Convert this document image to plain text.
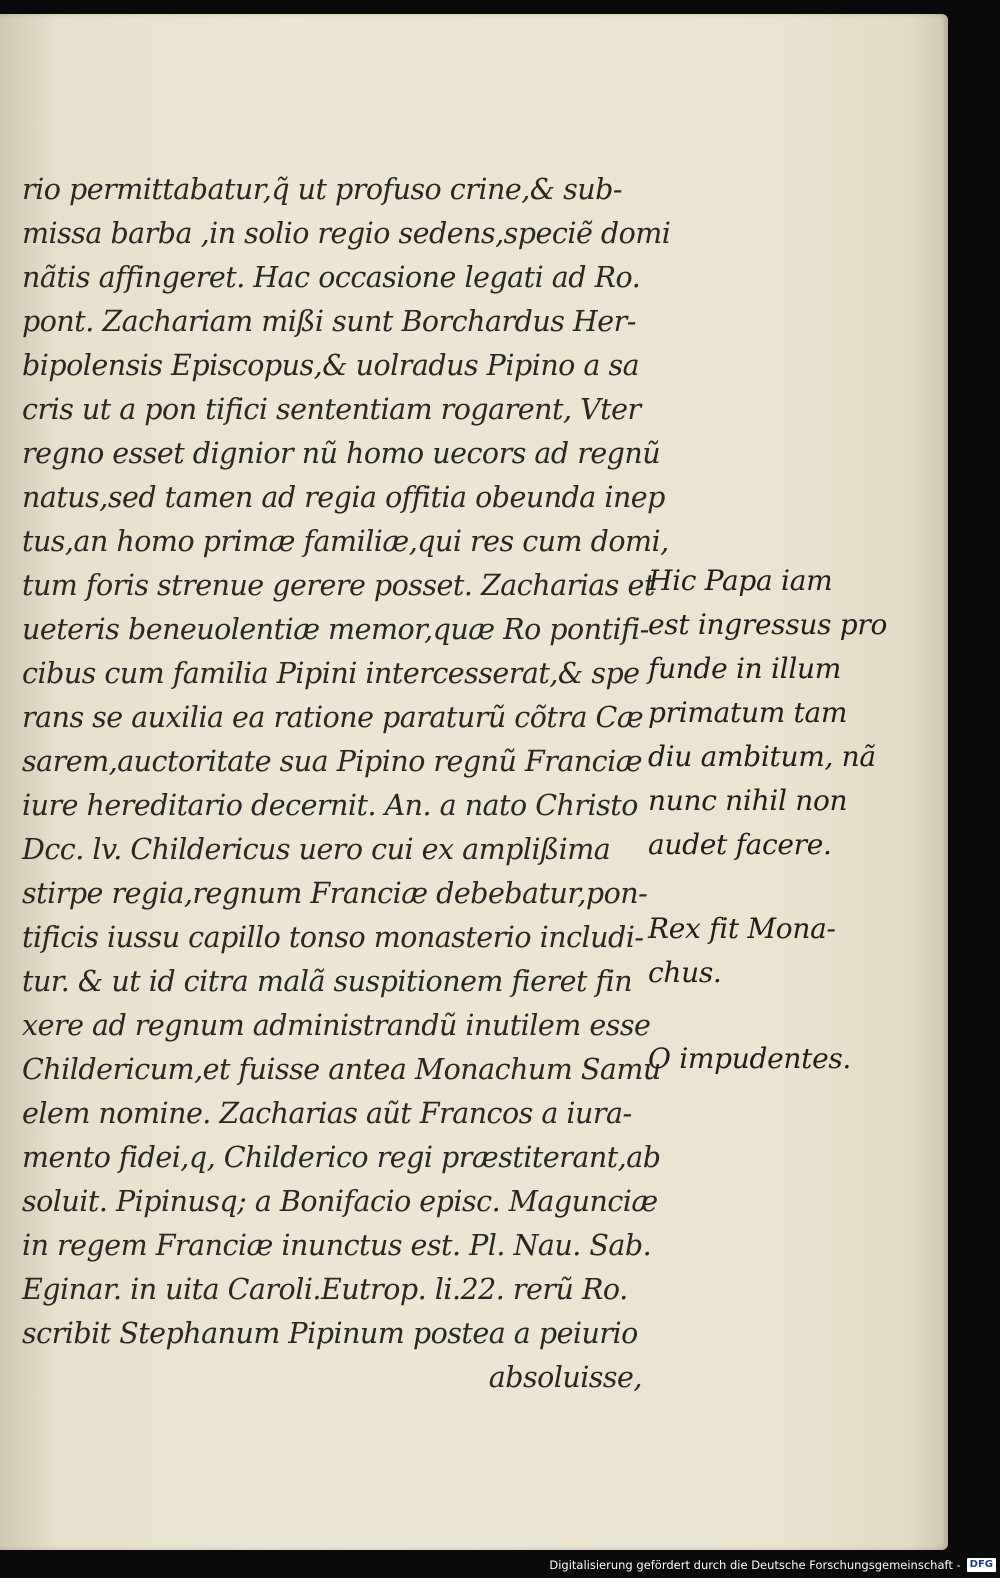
rio permittabatur,q̃ ut profuso crine,& sub-
missa barba ,in solio regio sedens,speciẽ domi
nãtis affingeret. Hac occasione legati ad Ro.
pont. Zachariam mißi sunt Borchardus Her-
bipolensis Episcopus,& uolradus Pipino a sa
cris ut a pon tifici sententiam rogarent, Vter
regno esset dignior nũ homo uecors ad regnũ
natus,sed tamen ad regia offitia obeunda inep
tus,an homo primæ familiæ,qui res cum domi,
tum foris strenue gerere posset. Zacharias et
ueteris beneuolentiæ memor,quæ Ro pontifi-
cibus cum familia Pipini intercesserat,& spe
rans se auxilia ea ratione paraturũ cõtra Cæ
sarem,auctoritate sua Pipino regnũ Franciæ
iure hereditario decernit. An. a nato Christo
Dcc. lv. Childericus uero cui ex amplißima
stirpe regia,regnum Franciæ debebatur,pon-
tificis iussu capillo tonso monasterio includi-
tur. & ut id citra malã suspitionem fieret fin
xere ad regnum administrandũ inutilem esse
Childericum,et fuisse antea Monachum Samu
elem nomine. Zacharias aũt Francos a iura-
mento fidei,q, Childerico regi præstiterant,ab
soluit. Pipinusq; a Bonifacio episc. Magunciæ
in regem Franciæ inunctus est. Pl. Nau. Sab.
Eginar. in uita Caroli.Eutrop. li.22. rerũ Ro.
scribit Stephanum Pipinum postea a peiurio
absoluisse,
Hic Papa iam
est ingressus pro
funde in illum
primatum tam
diu ambitum, nã
nunc nihil non
audet facere.
Rex fit Mona-
chus.
O impudentes.
Digitalisierung gefördert durch die Deutsche Forschungsgemeinschaft - DFG
